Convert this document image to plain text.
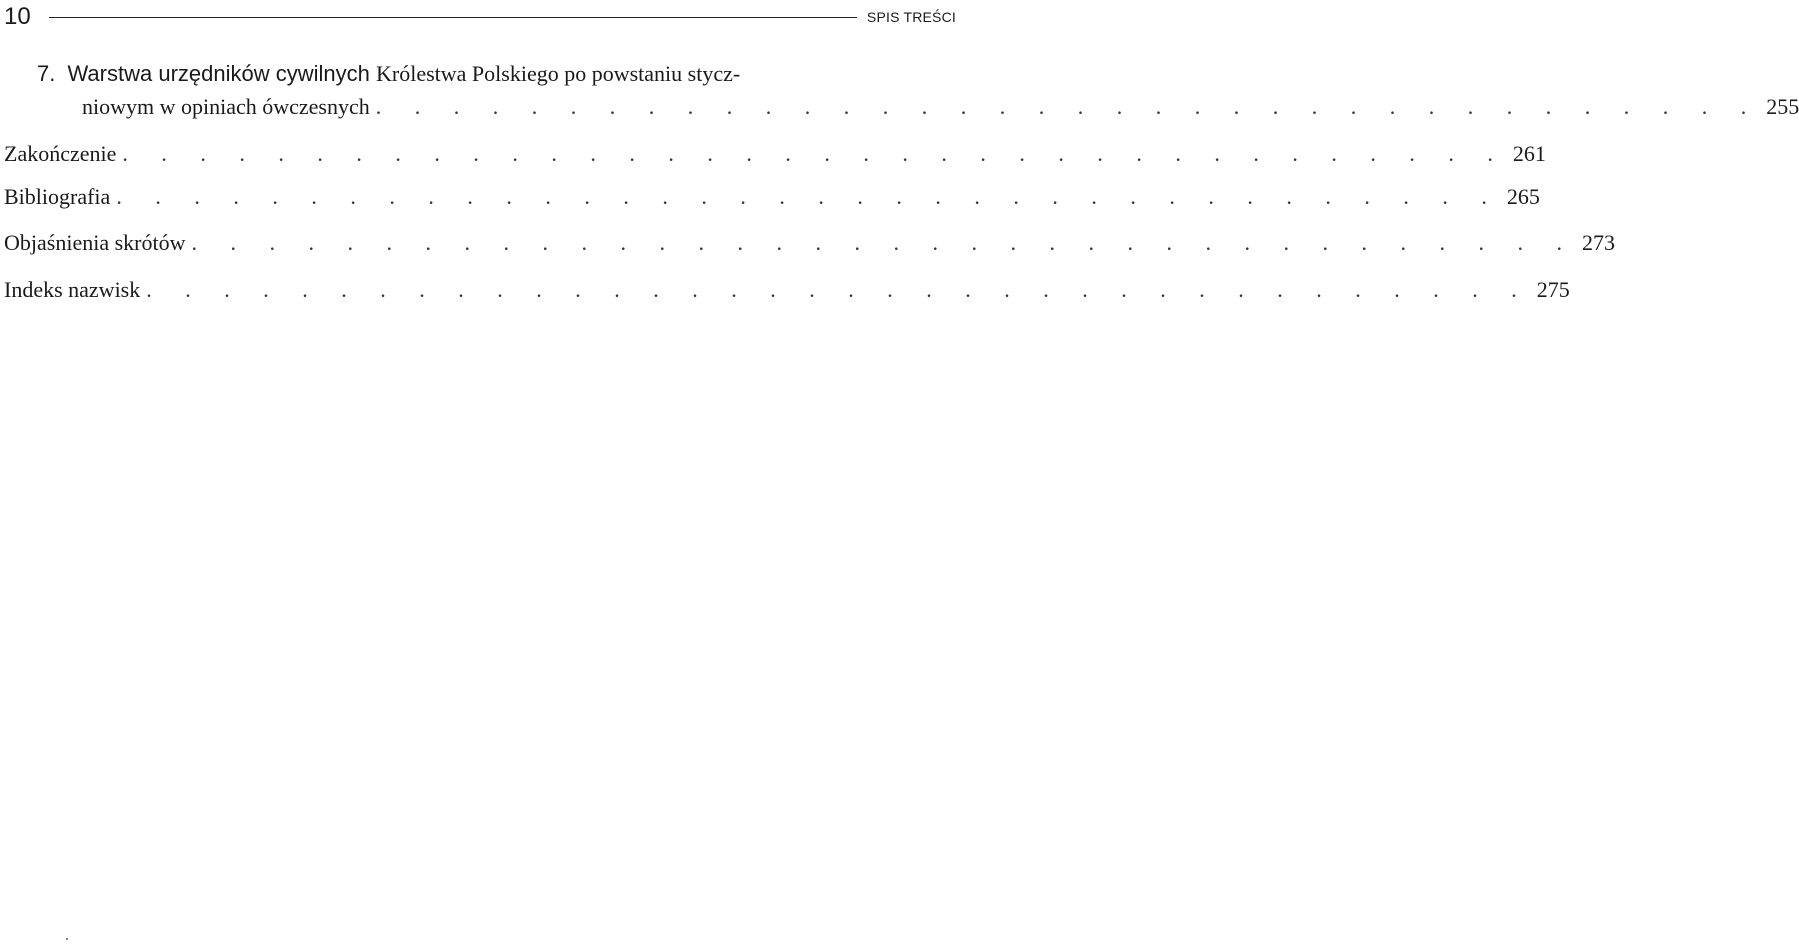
10	SPIS TREŚCI
7. Warstwa urzędników cywilnych Królestwa Polskiego po powstaniu stycz-
niowym w opiniach ówczesnych . . . . . . . . . . . . . . . . . . . . . . . . . . . . . . . . . . . . 255
Zakończenie . . . . . . . . . . . . . . . . . . . . . . . . . . . . . . . . . . . . 261
Bibliografia . . . . . . . . . . . . . . . . . . . . . . . . . . . . . . . . . . . . 265
Objaśnienia skrótów . . . . . . . . . . . . . . . . . . . . . . . . . . . . . . . . . . . . 273
Indeks nazwisk . . . . . . . . . . . . . . . . . . . . . . . . . . . . . . . . . . . . 275
